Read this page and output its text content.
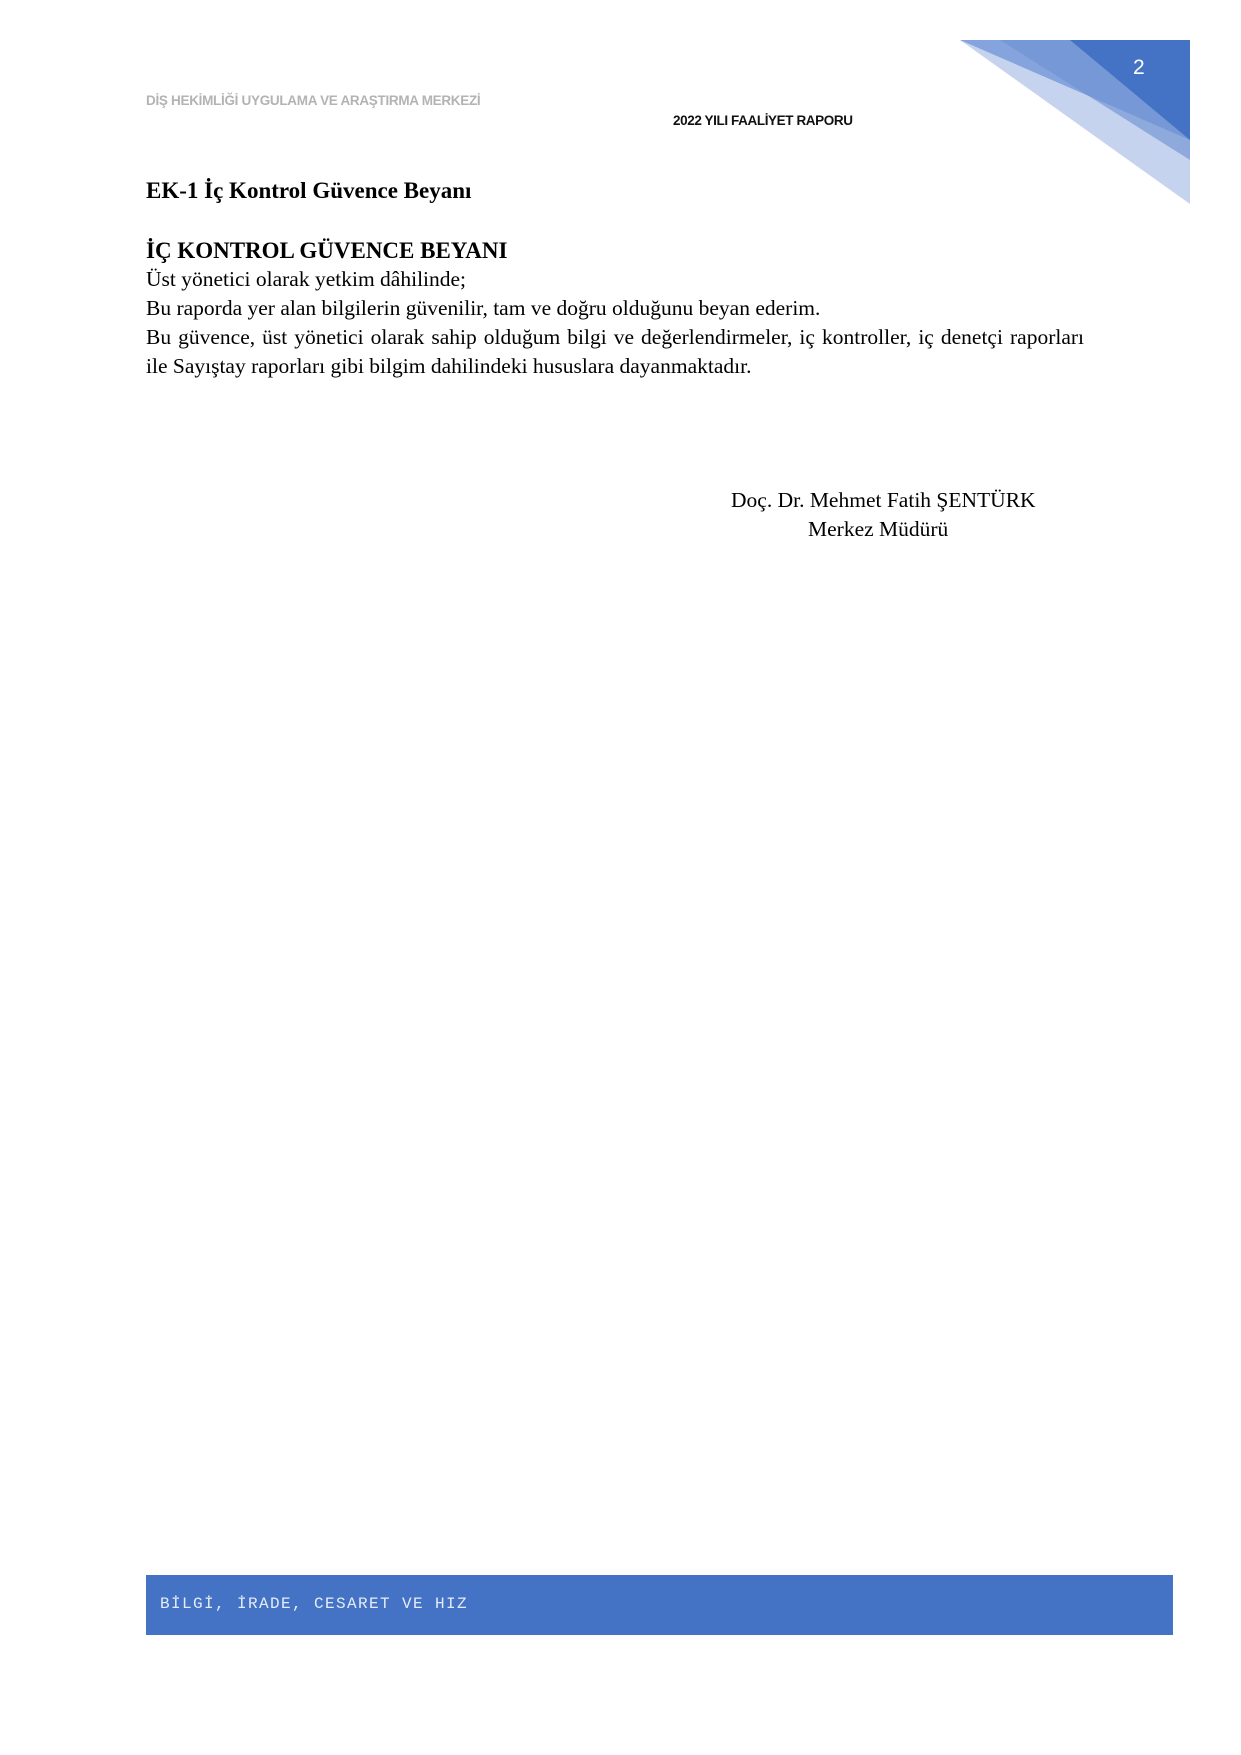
2
DİŞ HEKİMLİĞİ UYGULAMA VE ARAŞTIRMA MERKEZİ
2022 YILI FAALİYET RAPORU
EK-1 İç Kontrol Güvence Beyanı
İÇ KONTROL GÜVENCE BEYANI
Üst yönetici olarak yetkim dâhilinde;
Bu raporda yer alan bilgilerin güvenilir, tam ve doğru olduğunu beyan ederim.

Bu güvence, üst yönetici olarak sahip olduğum bilgi ve değerlendirmeler, iç kontroller, iç denetçi raporları ile Sayıştay raporları gibi bilgim dahilindeki hususlara dayanmaktadır.

Doç. Dr. Mehmet Fatih ŞENTÜRK
Merkez Müdürü
BİLGİ, İRADE, CESARET VE HIZ
